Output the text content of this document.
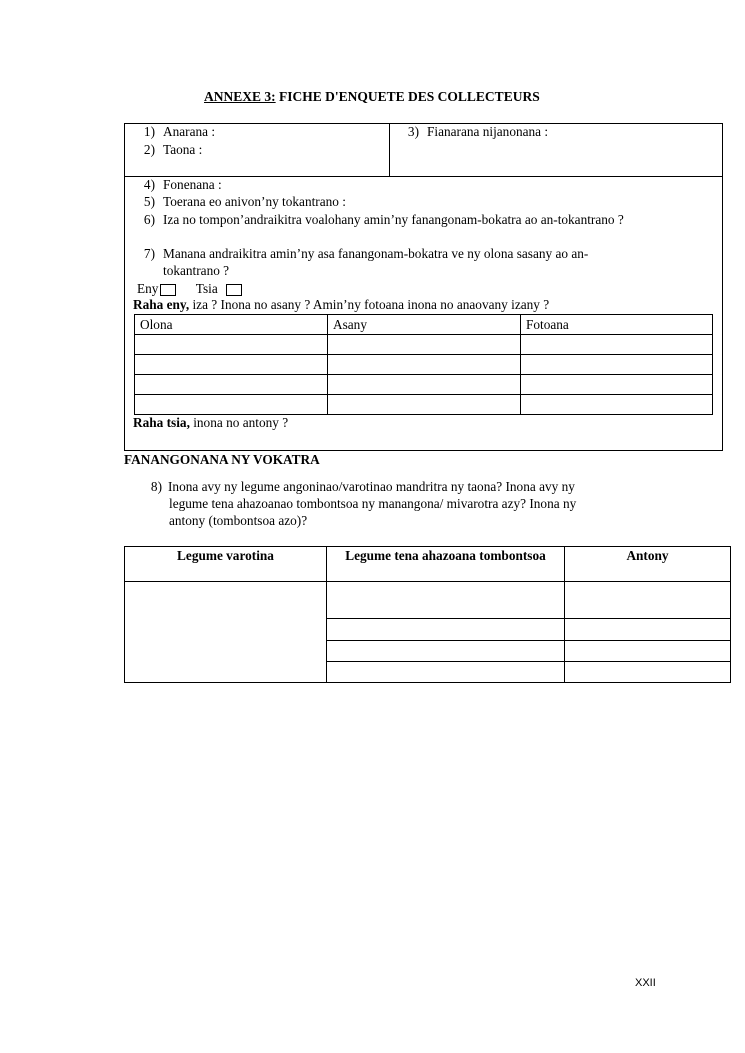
ANNEXE 3: FICHE D'ENQUETE DES COLLECTEURS
1) Anarana :
2) Taona :
3) Fianarana nijanonana :
4) Fonenana :
5) Toerana eo anivon’ny tokantrano :
6) Iza no tompon’andraikitra voalohany amin’ny fanangonam-bokatra ao an-tokantrano ?
7) Manana andraikitra amin’ny asa fanangonam-bokatra ve ny olona sasany ao an-
tokantrano ?
Eny	Tsia
Raha eny, iza ? Inona no asany ? Amin’ny fotoana inona no anaovany izany ?
Olona	Asany	Fotoana

Raha tsia, inona no antony ?
FANANGONANA NY VOKATRA
8) Inona avy ny legume angoninao/varotinao mandritra ny taona? Inona avy ny
legume tena ahazoanao tombontsoa ny manangona/ mivarotra azy? Inona ny
antony (tombontsoa azo)?
Legume varotina	Legume tena ahazoana tombontsoa	Antony

XXII
